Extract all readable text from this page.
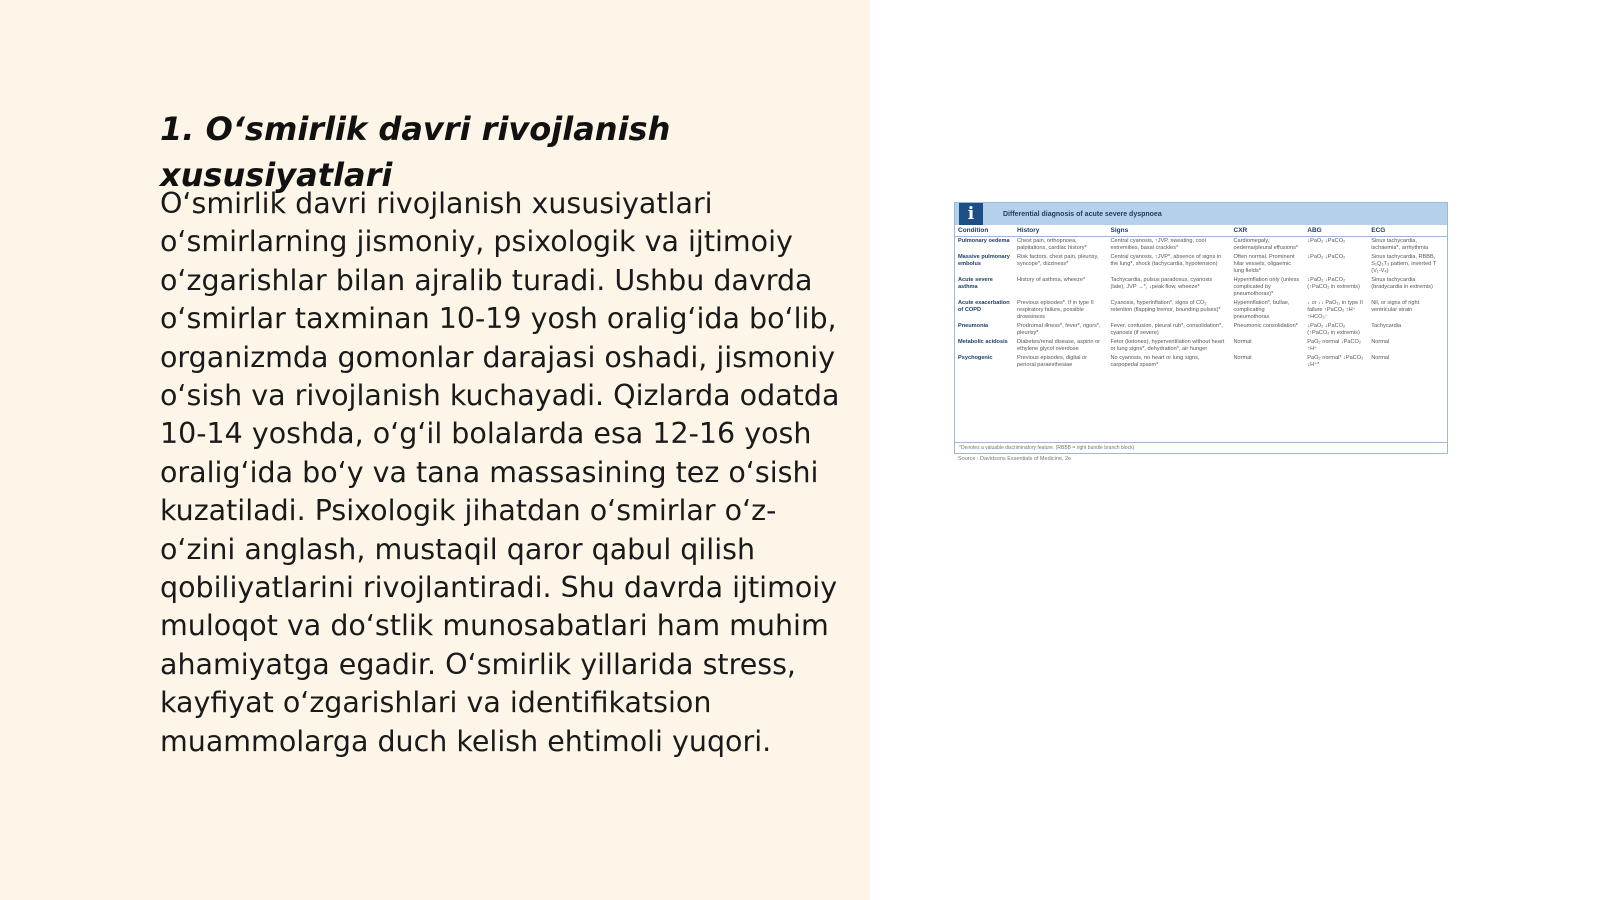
1. O‘smirlik davri rivojlanish xususiyatlari

O‘smirlik davri rivojlanish xususiyatlari o‘smirlarning jismoniy, psixologik va ijtimoiy o‘zgarishlar bilan ajralib turadi. Ushbu davrda o‘smirlar taxminan 10-19 yosh oralig‘ida bo‘lib, organizmda gomonlar darajasi oshadi, jismoniy o‘sish va rivojlanish kuchayadi. Qizlarda odatda 10-14 yoshda, o‘g‘il bolalarda esa 12-16 yosh oralig‘ida bo‘y va tana massasining tez o‘sishi kuzatiladi. Psixologik jihatdan o‘smirlar o‘z-o‘zini anglash, mustaqil qaror qabul qilish qobiliyatlarini rivojlantiradi. Shu davrda ijtimoiy muloqot va do‘stlik munosabatlari ham muhim ahamiyatga egadir. O‘smirlik yillarida stress, kayfiyat o‘zgarishlari va identifikatsion muammolarga duch kelish ehtimoli yuqori.

i	Differential diagnosis of acute severe dyspnoea
Condition	History	Signs	CXR	ABG	ECG
Pulmonary oedema	Chest pain, orthopnoea, palpitations, cardiac history*	Central cyanosis, ↑JVP, sweating, cool extremities, basal crackles*	Cardiomegaly, oedema/pleural effusions*	↓PaO₂ ↓PaCO₂	Sinus tachycardia, ischaemia*, arrhythmia
Massive pulmonary embolus	Risk factors, chest pain, pleurisy, syncope*, dizziness*	Central cyanosis, ↑JVP*, absence of signs in the lung*, shock (tachycardia, hypotension)	Often normal. Prominent hilar vessels, oligaemic lung fields*	↓PaO₂ ↓PaCO₂	Sinus tachycardia, RBBB, S₁Q₃T₃ pattern, inverted T (V₁-V₄)
Acute severe asthma	History of asthma, wheeze*	Tachycardia, pulsus paradoxus, cyanosis (late), JVP →*, ↓peak flow, wheeze*	Hyperinflation only (unless complicated by pneumothorax)*	↓PaO₂ ↓PaCO₂ (↑PaCO₂ in extremis)	Sinus tachycardia (bradycardia in extremis)
Acute exacerbation of COPD	Previous episodes*. If in type II respiratory failure, possible drowsiness	Cyanosis, hyperinflation*, signs of CO₂ retention (flapping tremor, bounding pulses)*	Hyperinflation*, bullae, complicating pneumothorax	↓ or ↓↓ PaO₂, in type II failure ↑PaCO₂ ↑H⁺ ↑HCO₃⁻	Nil, or signs of right ventricular strain
Pneumonia	Prodromal illness*, fever*, rigors*, pleurisy*	Fever, confusion, pleural rub*, consolidation*, cyanosis (if severe)	Pneumonic consolidation*	↓PaO₂ ↓PaCO₂ (↑PaCO₂ in extremis)	Tachycardia
Metabolic acidosis	Diabetes/renal disease, aspirin or ethylene glycol overdose	Fetor (ketones), hyperventilation without heart or lung signs*, dehydration*, air hunger	Normal	PaO₂ normal ↓PaCO₂ ↑H⁺	Normal
Psychogenic	Previous episodes, digital or perioral paraesthesiae	No cyanosis, no heart or lung signs, carpopedal spasm*	Normal	PaO₂ normal* ↓PaCO₂ ↓H⁺*	Normal
*Denotes a valuable discriminatory feature. (RBBB = right bundle branch block)
Source : Davidsons Essentials of Medicine, 2e
